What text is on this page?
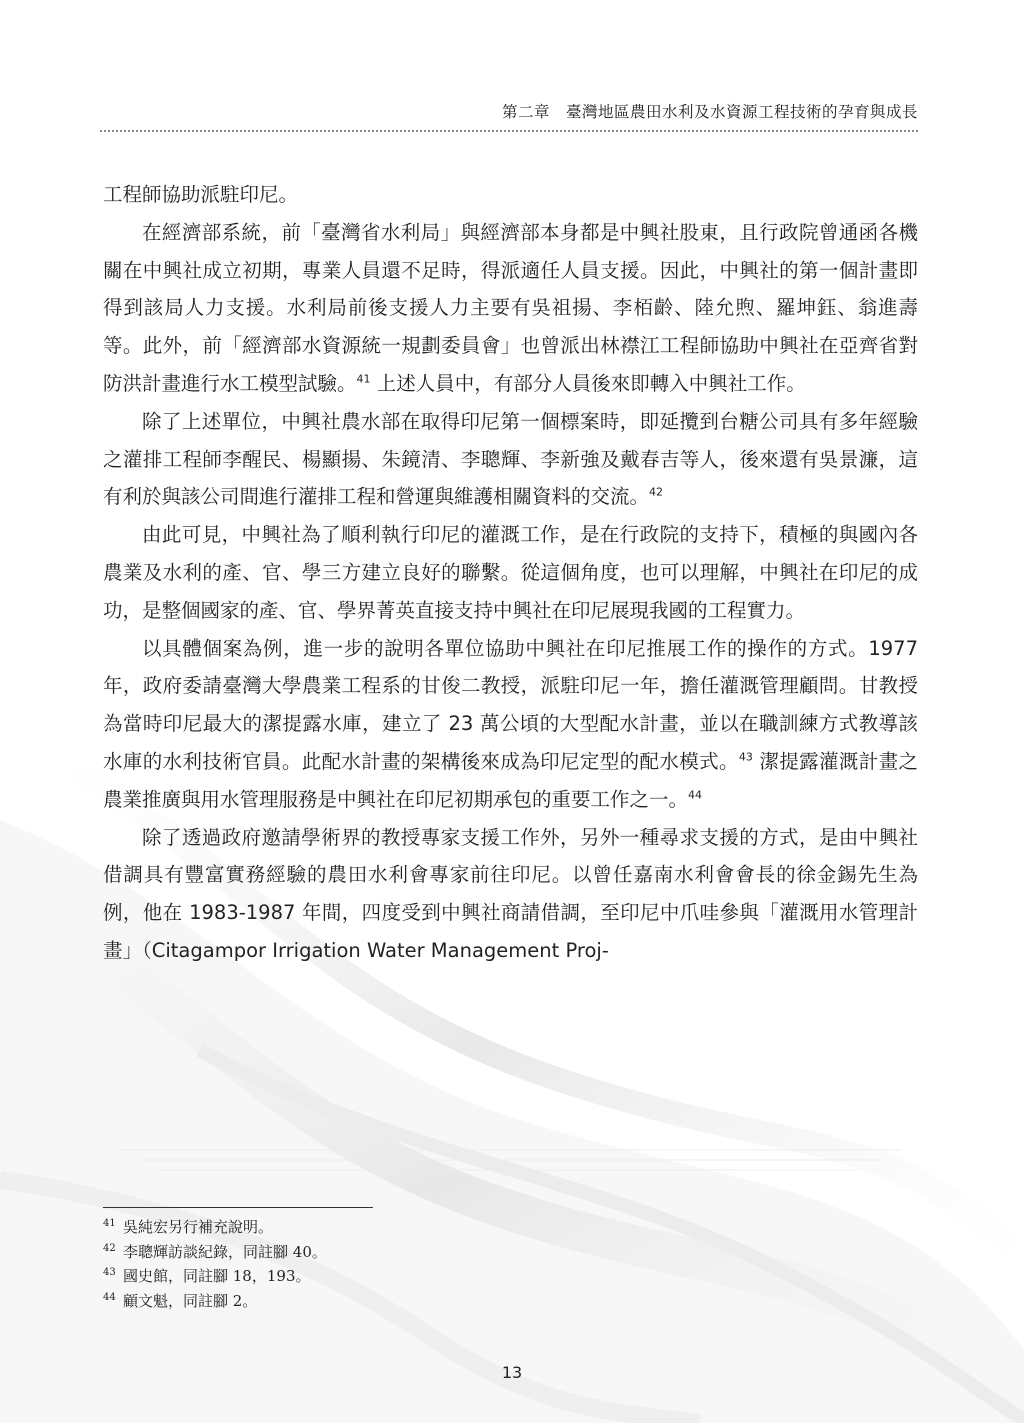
第二章　臺灣地區農田水利及水資源工程技術的孕育與成長

工程師協助派駐印尼。

在經濟部系統，前「臺灣省水利局」與經濟部本身都是中興社股東，且行政院曾通函各機關在中興社成立初期，專業人員還不足時，得派適任人員支援。因此，中興社的第一個計畫即得到該局人力支援。水利局前後支援人力主要有吳祖揚、李栢齡、陸允煦、羅坤鈺、翁進壽等。此外，前「經濟部水資源統一規劃委員會」也曾派出林襟江工程師協助中興社在亞齊省對防洪計畫進行水工模型試驗。$^{41}$ 上述人員中，有部分人員後來即轉入中興社工作。

除了上述單位，中興社農水部在取得印尼第一個標案時，即延攬到台糖公司具有多年經驗之灌排工程師李醒民、楊顯揚、朱鏡清、李聰輝、李新強及戴春吉等人，後來還有吳景濂，這有利於與該公司間進行灌排工程和營運與維護相關資料的交流。$^{42}$

由此可見，中興社為了順利執行印尼的灌溉工作，是在行政院的支持下，積極的與國內各農業及水利的產、官、學三方建立良好的聯繫。從這個角度，也可以理解，中興社在印尼的成功，是整個國家的產、官、學界菁英直接支持中興社在印尼展現我國的工程實力。

以具體個案為例，進一步的說明各單位協助中興社在印尼推展工作的操作的方式。1977 年，政府委請臺灣大學農業工程系的甘俊二教授，派駐印尼一年，擔任灌溉管理顧問。甘教授為當時印尼最大的潔提露水庫，建立了 23 萬公頃的大型配水計畫，並以在職訓練方式教導該水庫的水利技術官員。此配水計畫的架構後來成為印尼定型的配水模式。$^{43}$ 潔提露灌溉計畫之農業推廣與用水管理服務是中興社在印尼初期承包的重要工作之一。$^{44}$

除了透過政府邀請學術界的教授專家支援工作外，另外一種尋求支援的方式，是由中興社借調具有豐富實務經驗的農田水利會專家前往印尼。以曾任嘉南水利會會長的徐金錫先生為例，他在 1983-1987 年間，四度受到中興社商請借調，至印尼中爪哇參與「灌溉用水管理計畫」（Citagampor Irrigation Water Management Proj-

41 吳純宏另行補充說明。
42 李聰輝訪談紀錄，同註腳 40。
43 國史館，同註腳 18，193。
44 顧文魁，同註腳 2。
13
